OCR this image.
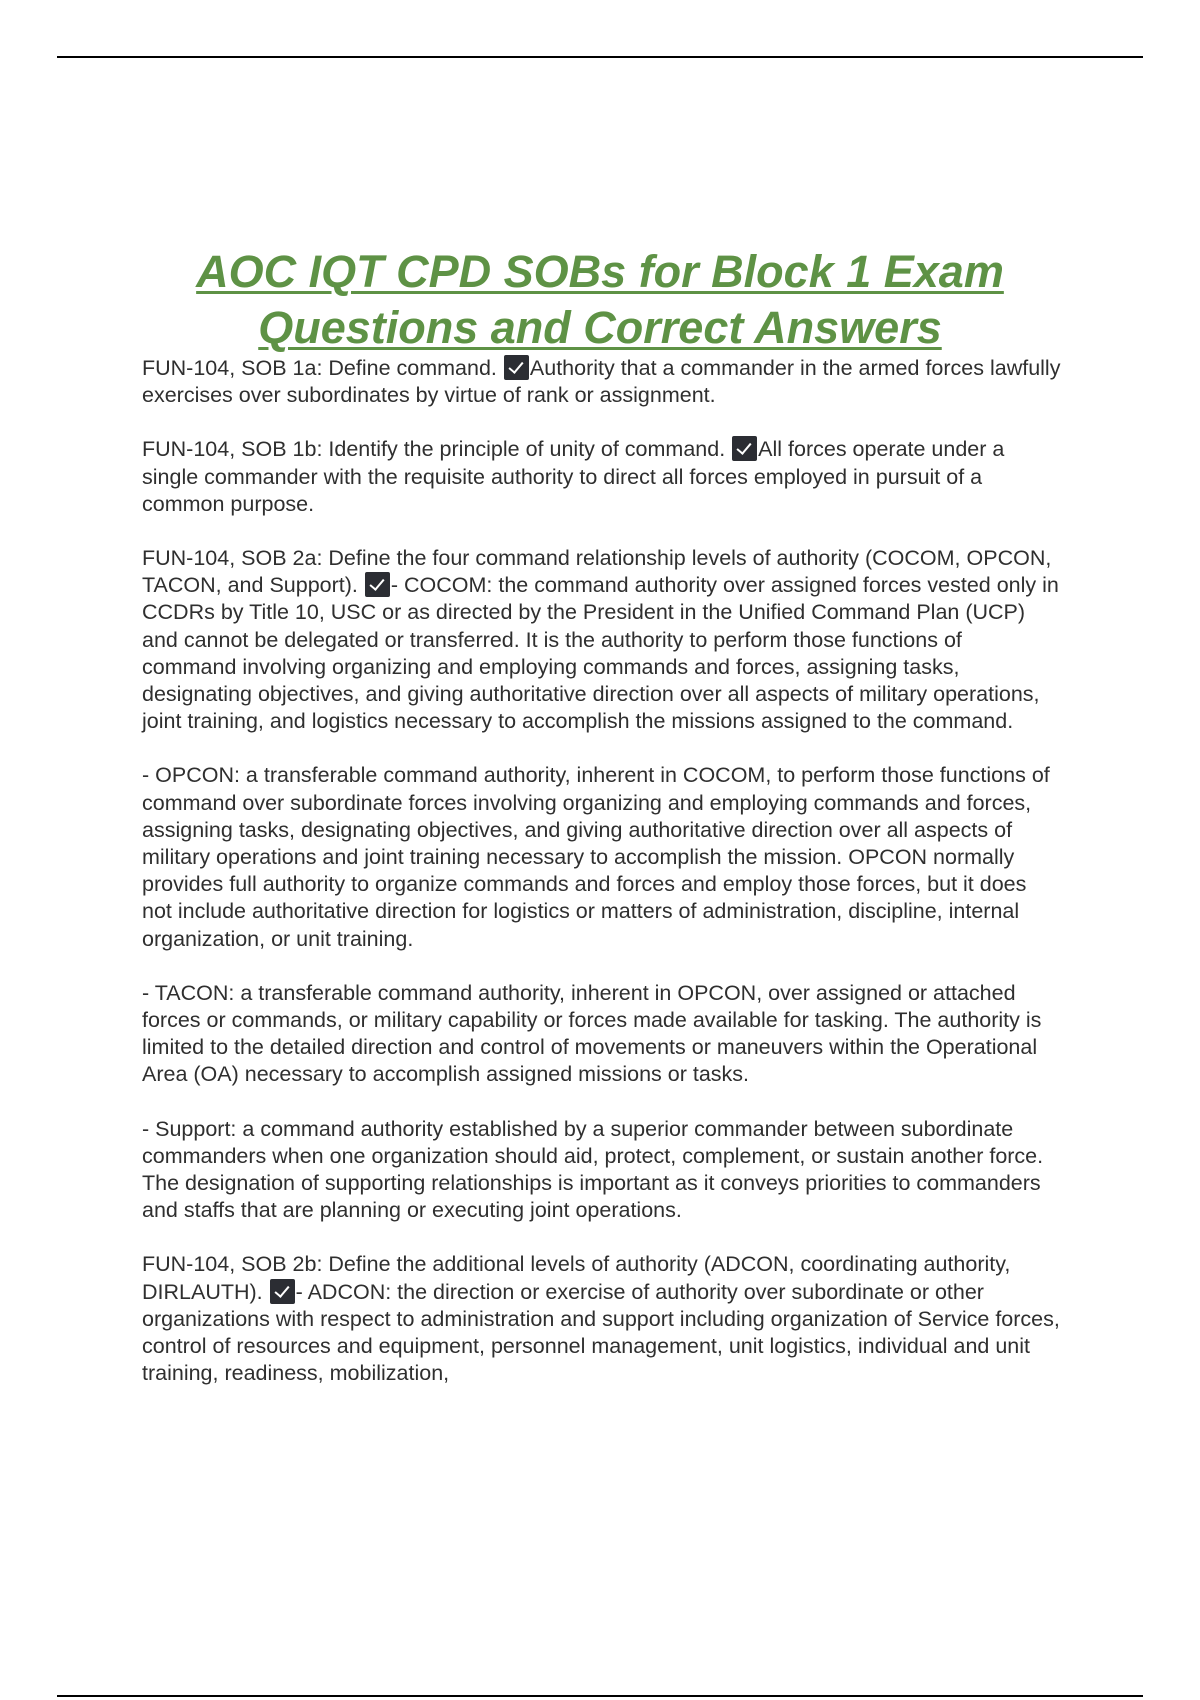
AOC IQT CPD SOBs for Block 1 Exam Questions and Correct Answers

FUN-104, SOB 1a: Define command. Authority that a commander in the armed forces lawfully exercises over subordinates by virtue of rank or assignment.

FUN-104, SOB 1b: Identify the principle of unity of command. All forces operate under a single commander with the requisite authority to direct all forces employed in pursuit of a common purpose.

FUN-104, SOB 2a: Define the four command relationship levels of authority (COCOM, OPCON, TACON, and Support). - COCOM: the command authority over assigned forces vested only in CCDRs by Title 10, USC or as directed by the President in the Unified Command Plan (UCP) and cannot be delegated or transferred. It is the authority to perform those functions of command involving organizing and employing commands and forces, assigning tasks, designating objectives, and giving authoritative direction over all aspects of military operations, joint training, and logistics necessary to accomplish the missions assigned to the command.

- OPCON: a transferable command authority, inherent in COCOM, to perform those functions of command over subordinate forces involving organizing and employing commands and forces, assigning tasks, designating objectives, and giving authoritative direction over all aspects of military operations and joint training necessary to accomplish the mission. OPCON normally provides full authority to organize commands and forces and employ those forces, but it does not include authoritative direction for logistics or matters of administration, discipline, internal organization, or unit training.

- TACON: a transferable command authority, inherent in OPCON, over assigned or attached forces or commands, or military capability or forces made available for tasking. The authority is limited to the detailed direction and control of movements or maneuvers within the Operational Area (OA) necessary to accomplish assigned missions or tasks.

- Support: a command authority established by a superior commander between subordinate commanders when one organization should aid, protect, complement, or sustain another force. The designation of supporting relationships is important as it conveys priorities to commanders and staffs that are planning or executing joint operations.

FUN-104, SOB 2b: Define the additional levels of authority (ADCON, coordinating authority, DIRLAUTH). - ADCON: the direction or exercise of authority over subordinate or other organizations with respect to administration and support including organization of Service forces, control of resources and equipment, personnel management, unit logistics, individual and unit training, readiness, mobilization,
